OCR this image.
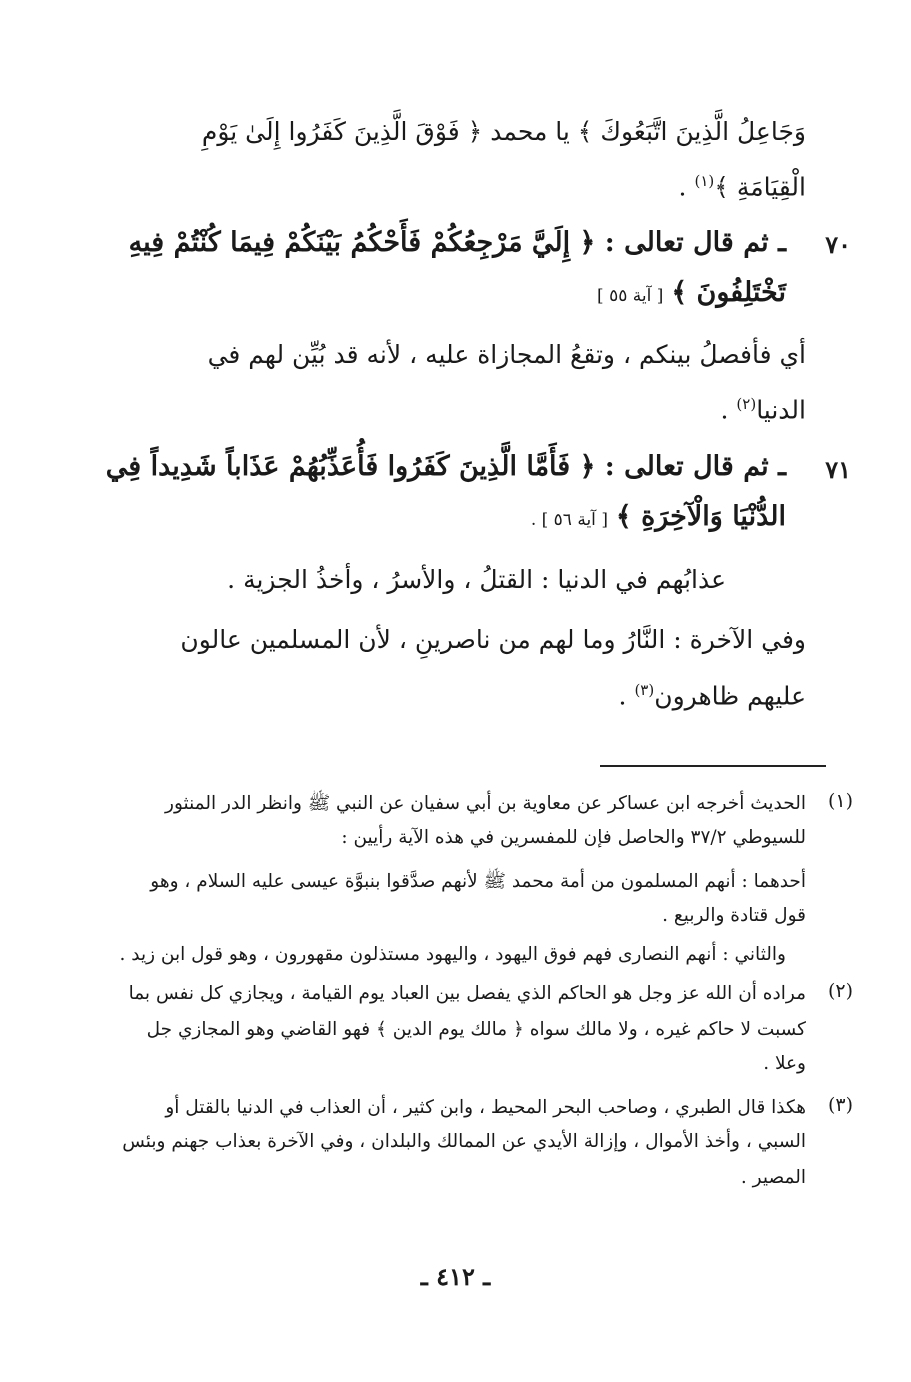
وَجَاعِلُ الَّذِينَ اتَّبَعُوكَ ﴾ يا محمد ﴿ فَوْقَ الَّذِينَ كَفَرُوا إِلَىٰ يَوْمِ
الْقِيَامَةِ ﴾$^{(١)}$ .
٧٠
ـ ثم قال تعالى : ﴿ إِلَيَّ مَرْجِعُكُمْ فَأَحْكُمُ بَيْنَكُمْ فِيمَا كُنْتُمْ فِيهِ
تَخْتَلِفُونَ ﴾ [ آية ٥٥ ]
أي فأفصلُ بينكم ، وتقعُ المجازاة عليه ، لأنه قد بُيِّن لهم في
الدنيا$^{(٢)}$ .
٧١
ـ ثم قال تعالى : ﴿ فَأَمَّا الَّذِينَ كَفَرُوا فَأُعَذِّبُهُمْ عَذَاباً شَدِيداً فِي
الدُّنْيَا وَالْآخِرَةِ ﴾ [ آية ٥٦ ] .
عذابُهم في الدنيا : القتلُ ، والأسرُ ، وأخذُ الجزية .
وفي الآخرة : النَّارُ وما لهم من ناصرينِ ، لأن المسلمين عالون
عليهم ظاهرون$^{(٣)}$ .
(١)
الحديث أخرجه ابن عساكر عن معاوية بن أبي سفيان عن النبي ﷺ وانظر الدر المنثور
للسيوطي ٣٧/٢ والحاصل فإن للمفسرين في هذه الآية رأيين :
أحدهما : أنهم المسلمون من أمة محمد ﷺ لأنهم صدَّقوا بنبوَّة عيسى عليه السلام ، وهو
قول قتادة والربيع .
والثاني : أنهم النصارى فهم فوق اليهود ، واليهود مستذلون مقهورون ، وهو قول ابن زيد .
(٢)
مراده أن الله عز وجل هو الحاكم الذي يفصل بين العباد يوم القيامة ، ويجازي كل نفس بما
كسبت لا حاكم غيره ، ولا مالك سواه ﴿ مالك يوم الدين ﴾ فهو القاضي وهو المجازي جل
وعلا .
(٣)
هكذا قال الطبري ، وصاحب البحر المحيط ، وابن كثير ، أن العذاب في الدنيا بالقتل أو
السبي ، وأخذ الأموال ، وإزالة الأيدي عن الممالك والبلدان ، وفي الآخرة بعذاب جهنم وبئس
المصير .
ـ ٤١٢ ـ
